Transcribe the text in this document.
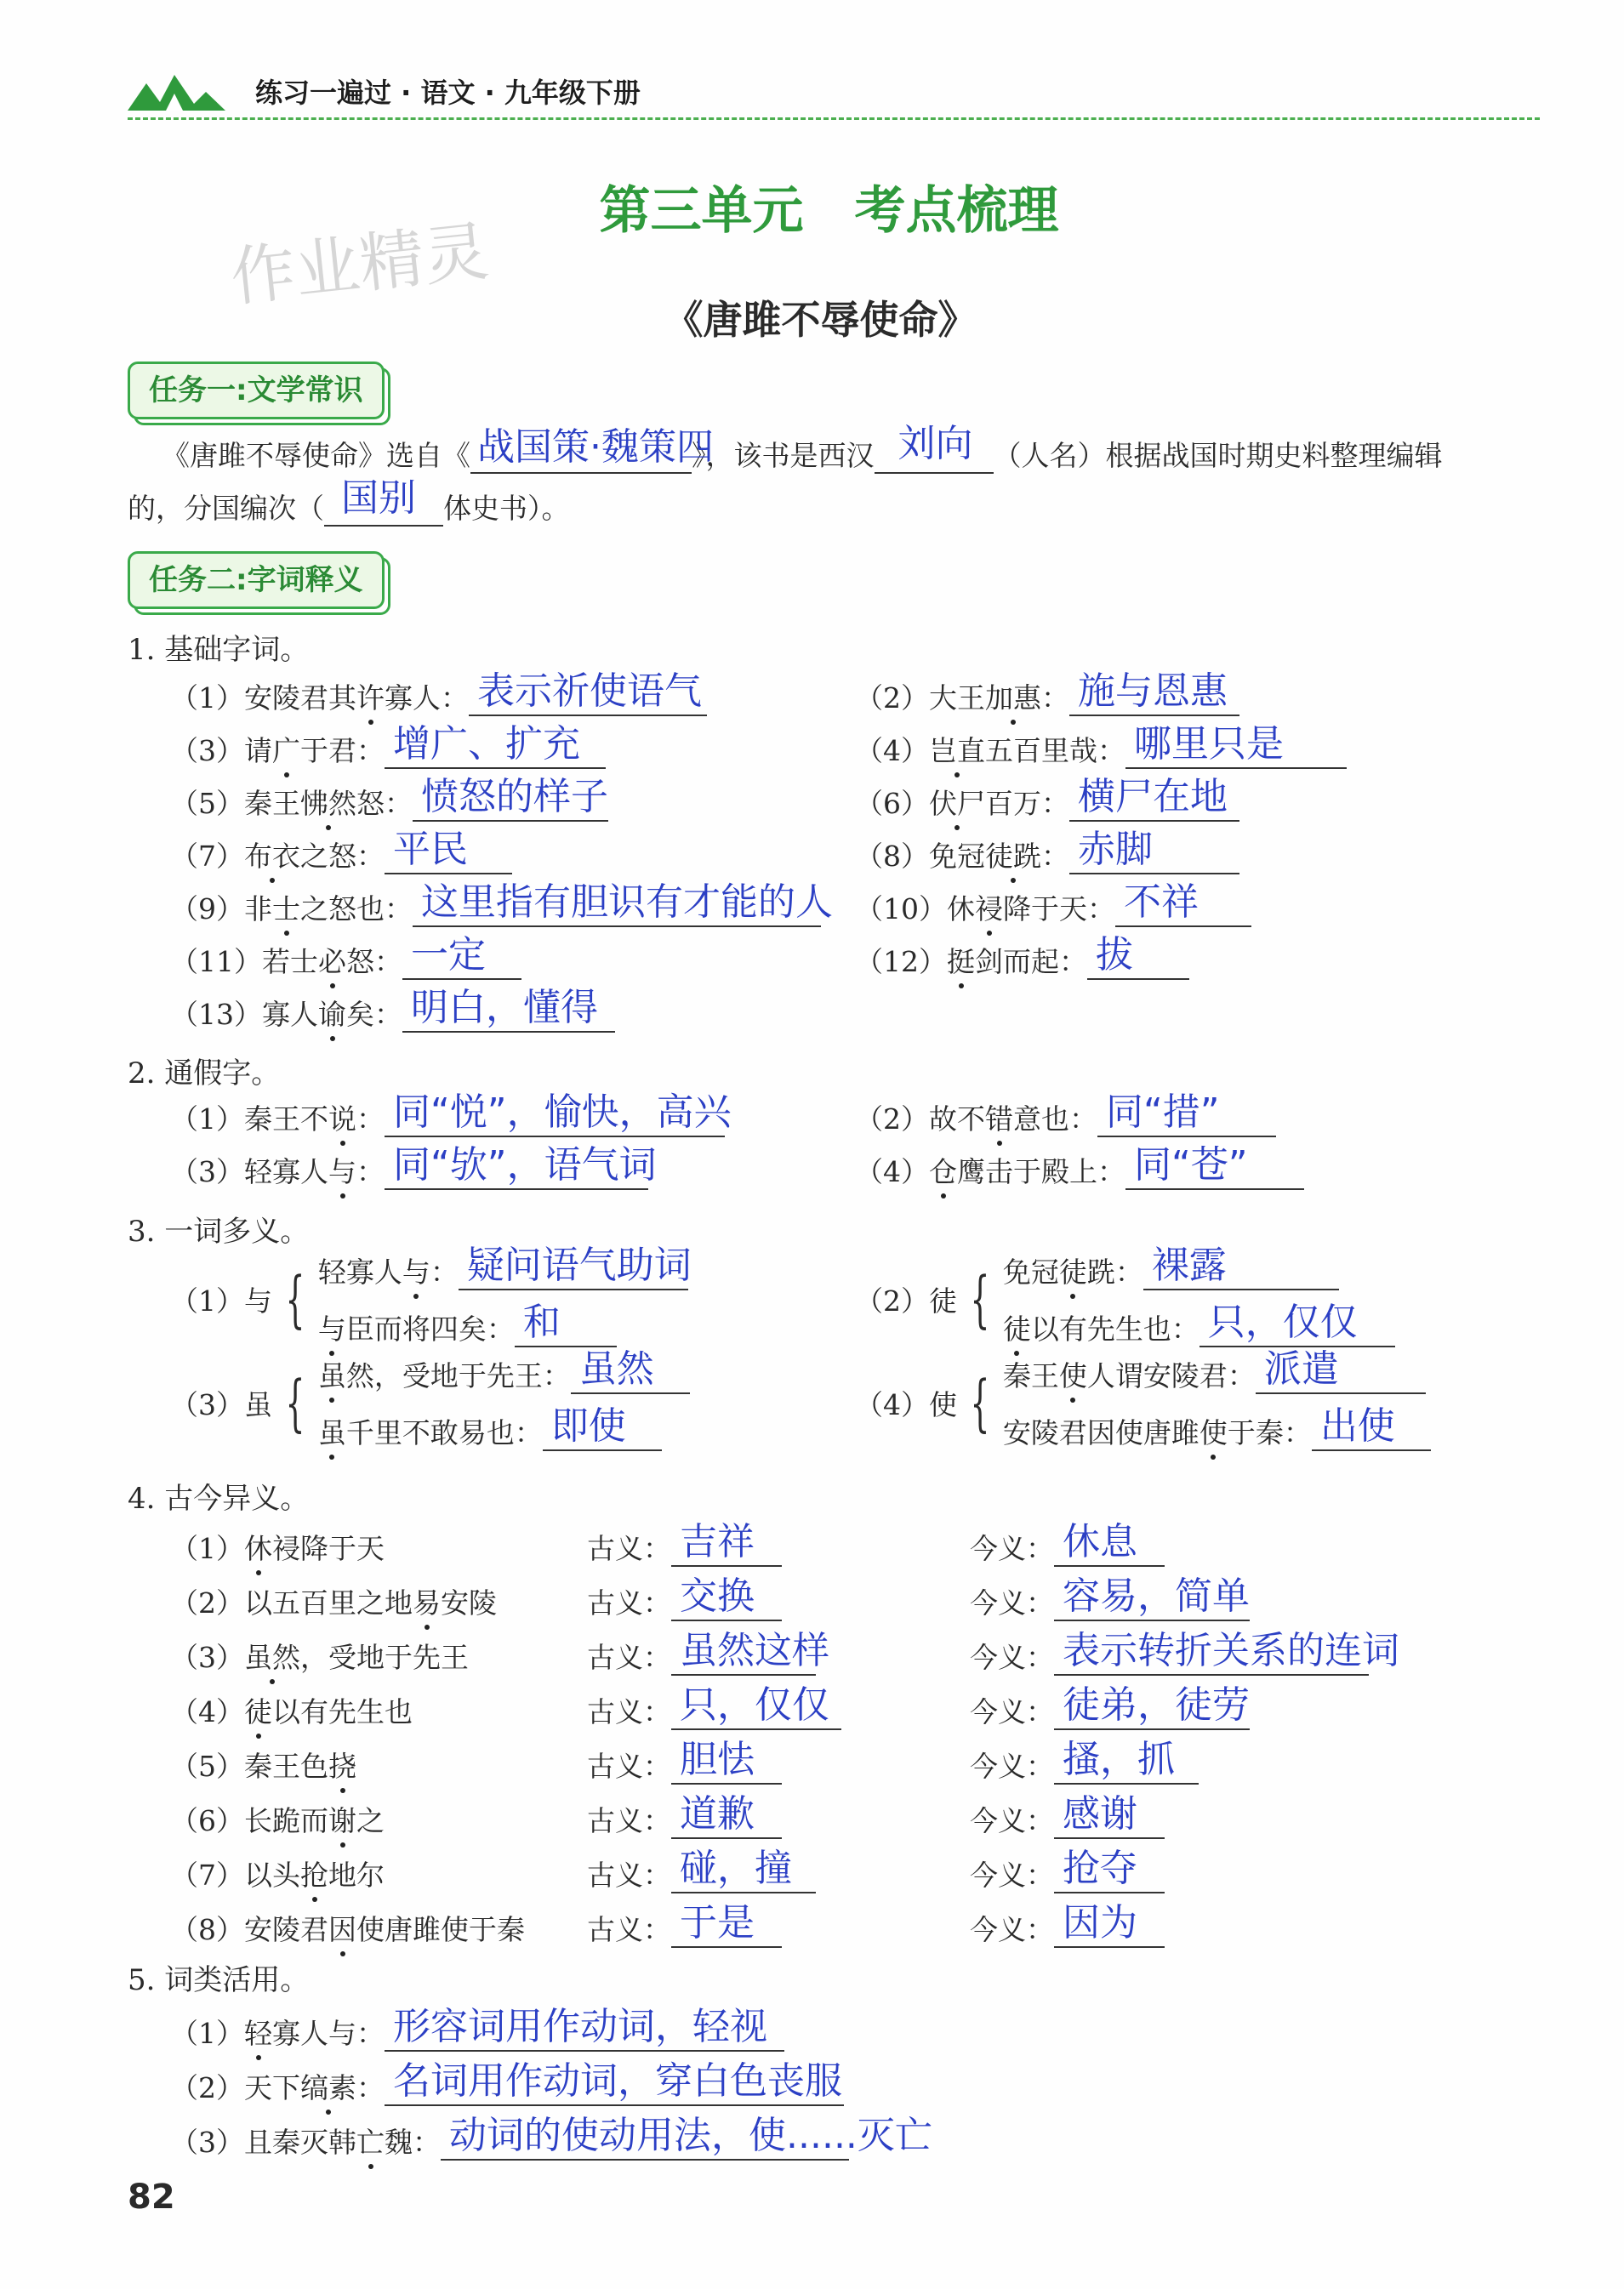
练习一遍过 · 语文 · 九年级下册
作业精灵
第三单元　考点梳理
《唐雎不辱使命》
任务一:文学常识
《唐雎不辱使命》选自《 战国策·魏策四
》，该书是西汉 刘向 （人名）根据战国时期史料整理编辑
的，分国编次（ 国别 体史书）。
任务二:字词释义
1. 基础字词。
（1） 安陵君其 许 寡人： 表示祈使语气	（2） 大王 加惠 ： 施与恩惠
（3） 请 广 于君： 增广、扩充	（4） 岂直 五百里哉： 哪里只是
（5） 秦王 怫然 怒： 愤怒的样子	（6） 伏尸 百万： 横尸在地
（7） 布衣 之怒： 平民	（8） 免冠 徒跣 ： 赤脚
（9） 非 士 之怒也： 这里指有胆识有才能的人 （10） 休 祲 降于天： 不祥
（11） 若士 必 怒： 一定	（12） 挺 剑而起： 拔
（13） 寡人 谕 矣： 明白，懂得
2. 通假字。
（1） 秦王不 说 ： 同“悦”，愉快，高兴	（2） 故不 错 意也： 同“措”
（3） 轻寡人 与 ： 同“欤”，语气词	（4） 仓 鹰击于殿上： 同“苍”
3. 一词多义。
（1） 与 { 轻寡人 与 ： 疑问语气助词
与 臣而将四矣： 和	（2） 徒 { 免冠 徒 跣： 裸露
徒 以有先生也： 只，仅仅
（3） 虽 { 虽 然，受地于先王： 虽然
虽 千里不敢易也： 即使	（4） 使 { 秦王 使 人谓安陵君： 派遣
安陵君因使唐雎 使 于秦： 出使
4. 古今异义。
（1） 休 祲降于天	古义： 吉祥	今义： 休息
（2） 以五百里之地 易 安陵	古义： 交换	今义： 容易，简单
（3） 虽然 ，受地于先王	古义： 虽然这样	今义： 表示转折关系的连词
（4） 徒 以有先生也	古义： 只，仅仅	今义： 徒弟，徒劳
（5） 秦王色 挠	古义： 胆怯	今义： 搔，抓
（6） 长跪而 谢 之	古义： 道歉	今义： 感谢
（7） 以头 抢 地尔	古义： 碰，撞	今义： 抢夺
（8） 安陵君 因 使唐雎使于秦 古义： 于是	今义： 因为
5. 词类活用。
（1） 轻 寡人与： 形容词用作动词，轻视
（2） 天下 缟素 ： 名词用作动词，穿白色丧服
（3） 且秦灭韩 亡 魏： 动词的使动用法，使......灭亡
82
